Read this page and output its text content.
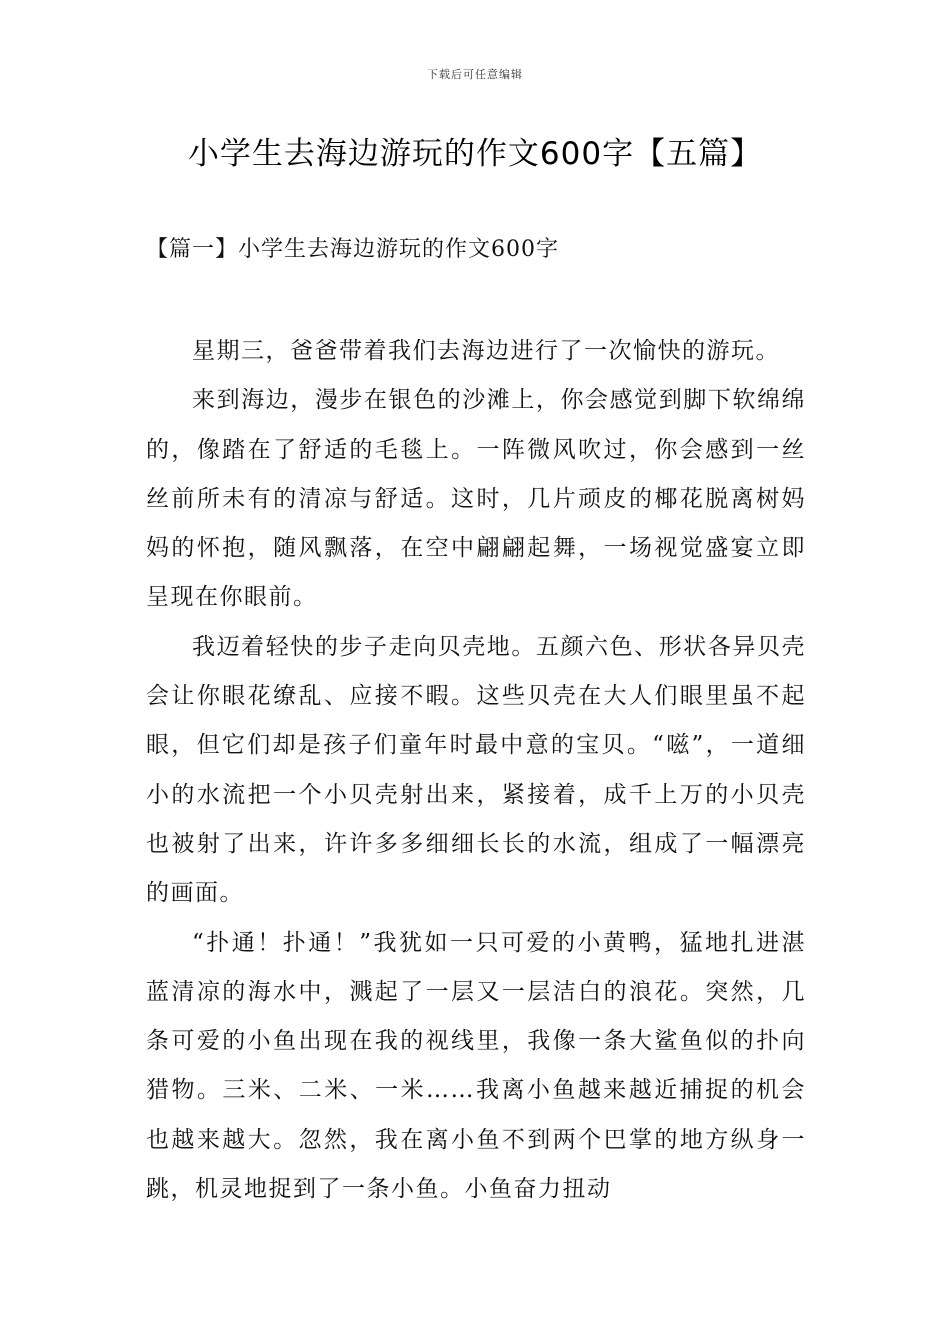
下载后可任意编辑
小学生去海边游玩的作文600字【五篇】
【篇一】小学生去海边游玩的作文600字

星期三，爸爸带着我们去海边进行了一次愉快的游玩。

来到海边，漫步在银色的沙滩上，你会感觉到脚下软绵绵的，像踏在了舒适的毛毯上。一阵微风吹过，你会感到一丝丝前所未有的清凉与舒适。这时，几片顽皮的椰花脱离树妈妈的怀抱，随风飘落，在空中翩翩起舞，一场视觉盛宴立即呈现在你眼前。

我迈着轻快的步子走向贝壳地。五颜六色、形状各异贝壳会让你眼花缭乱、应接不暇。这些贝壳在大人们眼里虽不起眼，但它们却是孩子们童年时最中意的宝贝。“嗞”，一道细小的水流把一个小贝壳射出来，紧接着，成千上万的小贝壳也被射了出来，许许多多细细长长的水流，组成了一幅漂亮的画面。

“扑通！扑通！”我犹如一只可爱的小黄鸭，猛地扎进湛蓝清凉的海水中，溅起了一层又一层洁白的浪花。突然，几条可爱的小鱼出现在我的视线里，我像一条大鲨鱼似的扑向猎物。三米、二米、一米……我离小鱼越来越近捕捉的机会也越来越大。忽然，我在离小鱼不到两个巴掌的地方纵身一跳，机灵地捉到了一条小鱼。小鱼奋力扭动
